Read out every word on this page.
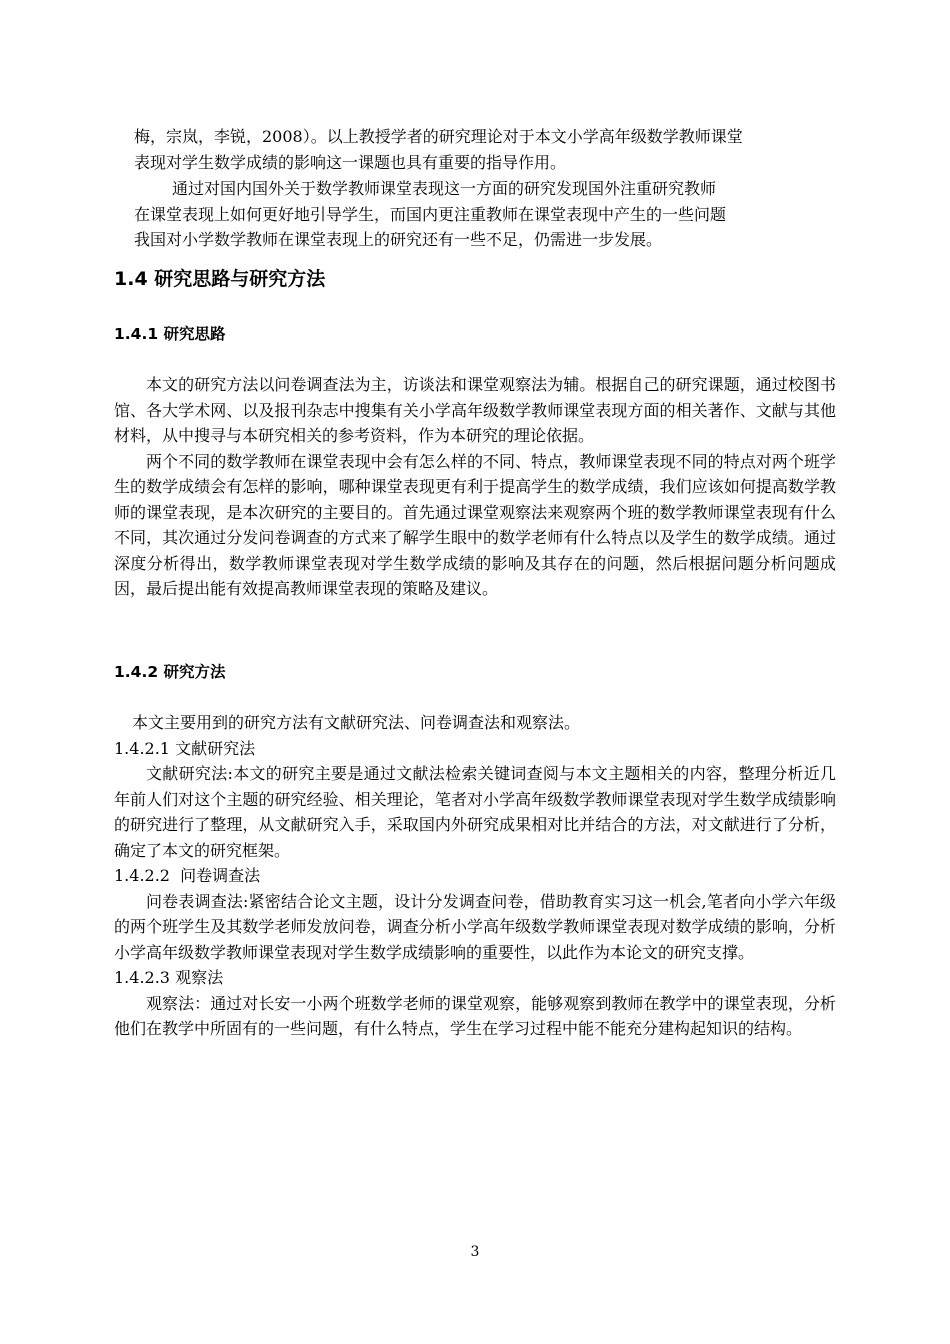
梅，宗岚，李锐，2008）。以上教授学者的研究理论对于本文小学高年级数学教师课堂

表现对学生数学成绩的影响这一课题也具有重要的指导作用。

通过对国内国外关于数学教师课堂表现这一方面的研究发现国外注重研究教师

在课堂表现上如何更好地引导学生，而国内更注重教师在课堂表现中产生的一些问题

我国对小学数学教师在课堂表现上的研究还有一些不足，仍需进一步发展。

1.4 研究思路与研究方法
1.4.1 研究思路

本文的研究方法以问卷调查法为主，访谈法和课堂观察法为辅。根据自己的研究课题，通过校图书馆、各大学术网、以及报刊杂志中搜集有关小学高年级数学教师课堂表现方面的相关著作、文献与其他材料，从中搜寻与本研究相关的参考资料，作为本研究的理论依据。

两个不同的数学教师在课堂表现中会有怎么样的不同、特点，教师课堂表现不同的特点对两个班学生的数学成绩会有怎样的影响，哪种课堂表现更有利于提高学生的数学成绩，我们应该如何提高数学教师的课堂表现，是本次研究的主要目的。首先通过课堂观察法来观察两个班的数学教师课堂表现有什么不同，其次通过分发问卷调查的方式来了解学生眼中的数学老师有什么特点以及学生的数学成绩。通过深度分析得出，数学教师课堂表现对学生数学成绩的影响及其存在的问题，然后根据问题分析问题成因，最后提出能有效提高教师课堂表现的策略及建议。

1.4.2 研究方法

本文主要用到的研究方法有文献研究法、问卷调查法和观察法。

1.4.2.1 文献研究法

文献研究法:本文的研究主要是通过文献法检索关键词查阅与本文主题相关的内容，整理分析近几年前人们对这个主题的研究经验、相关理论，笔者对小学高年级数学教师课堂表现对学生数学成绩影响的研究进行了整理，从文献研究入手，采取国内外研究成果相对比并结合的方法，对文献进行了分析，确定了本文的研究框架。

1.4.2.2  问卷调查法

问卷表调查法:紧密结合论文主题，设计分发调查问卷，借助教育实习这一机会,笔者向小学六年级的两个班学生及其数学老师发放问卷，调查分析小学高年级数学教师课堂表现对数学成绩的影响，分析小学高年级数学教师课堂表现对学生数学成绩影响的重要性，以此作为本论文的研究支撑。

1.4.2.3 观察法

观察法：通过对长安一小两个班数学老师的课堂观察，能够观察到教师在教学中的课堂表现，分析他们在教学中所固有的一些问题，有什么特点，学生在学习过程中能不能充分建构起知识的结构。

3
